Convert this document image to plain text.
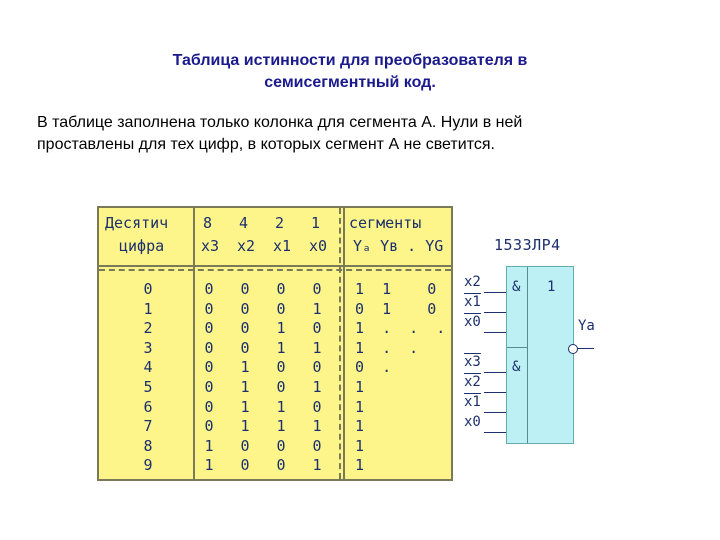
Таблица истинности для преобразователя в
семисегментный код.
В таблице заполнена только колонка для сегмента А. Нули в ней
проставлены для тех цифр, в которых сегмент А не светится.
Десятич
цифра
8 4 2 1
x3 x2 x1 x0
сегменты
Yₐ Yв . YG
0
1
2
3
4
5
6
7
8
9
0
0
0
0
0
0
0
0
1
1
0
0
0
0
1
1
1
1
0
0
0
0
1
1
0
0
1
1
0
0
0
1
0
1
0
1
0
1
0
1
1  1    0
0  1    0
1  .  .  .
1  .  .
0  .
1
1
1
1
1
1533ЛР4
& 1
&
Ya
x2
x1
x0
x3
x2
x1
x0
